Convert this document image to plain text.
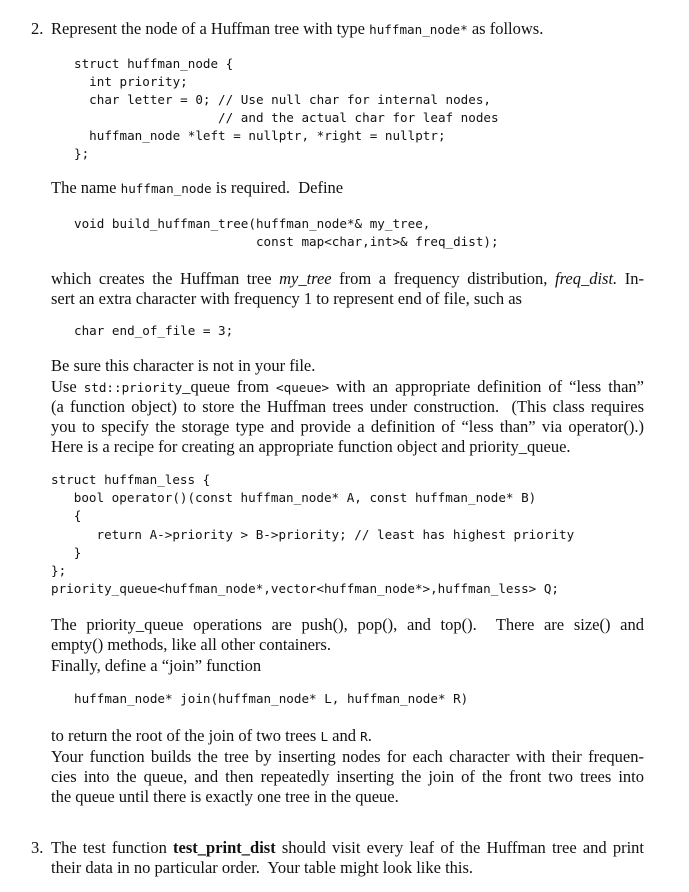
2. Represent the node of a Huffman tree with type huffman_node* as follows.
struct huffman_node {
int priority;
char letter = 0; // Use null char for internal nodes,
// and the actual char for leaf nodes
huffman_node *left = nullptr, *right = nullptr;
};
The name huffman_node is required.  Define
void build_huffman_tree(huffman_node*& my_tree,
const map<char,int>& freq_dist);
which creates the Huffman tree my_tree from a frequency distribution, freq_dist. In-
sert an extra character with frequency 1 to represent end of file, such as
char end_of_file = 3;
Be sure this character is not in your file.
Use std::priority_queue from <queue> with an appropriate definition of “less than”
(a function object) to store the Huffman trees under construction.  (This class requires
you to specify the storage type and provide a definition of “less than” via operator().)
Here is a recipe for creating an appropriate function object and priority_queue.
struct huffman_less {
bool operator()(const huffman_node* A, const huffman_node* B)
{
return A->priority > B->priority; // least has highest priority
}
};
priority_queue<huffman_node*,vector<huffman_node*>,huffman_less> Q;
The priority_queue operations are push(), pop(), and top().  There are size() and
empty() methods, like all other containers.
Finally, define a “join” function
huffman_node* join(huffman_node* L, huffman_node* R)
to return the root of the join of two trees L and R.
Your function builds the tree by inserting nodes for each character with their frequen-
cies into the queue, and then repeatedly inserting the join of the front two trees into
the queue until there is exactly one tree in the queue.
3. The test function test_print_dist should visit every leaf of the Huffman tree and print
their data in no particular order.  Your table might look like this.
